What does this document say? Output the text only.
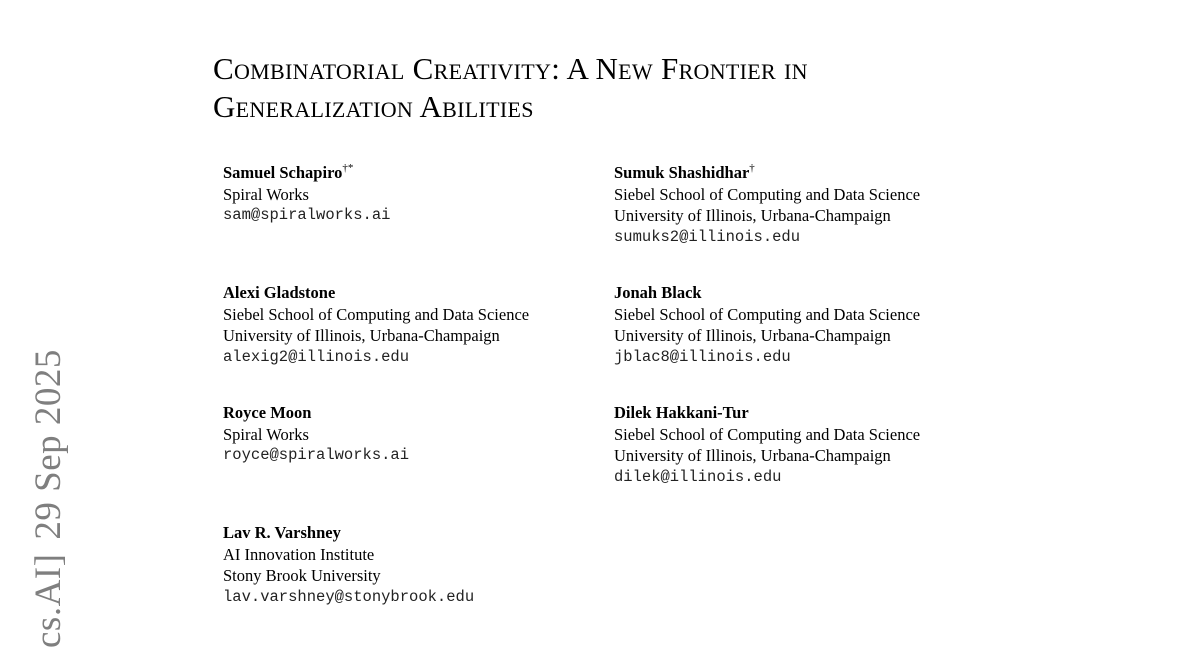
cs.AI]29 Sep 2025
Combinatorial Creativity: A New Frontier in
Generalization Abilities
Samuel Schapiro†*
Spiral Works
sam@spiralworks.ai
Sumuk Shashidhar†
Siebel School of Computing and Data Science
University of Illinois, Urbana-Champaign
sumuks2@illinois.edu
Alexi Gladstone
Siebel School of Computing and Data Science
University of Illinois, Urbana-Champaign
alexig2@illinois.edu
Jonah Black
Siebel School of Computing and Data Science
University of Illinois, Urbana-Champaign
jblac8@illinois.edu
Royce Moon
Spiral Works
royce@spiralworks.ai
Dilek Hakkani-Tur
Siebel School of Computing and Data Science
University of Illinois, Urbana-Champaign
dilek@illinois.edu
Lav R. Varshney
AI Innovation Institute
Stony Brook University
lav.varshney@stonybrook.edu
